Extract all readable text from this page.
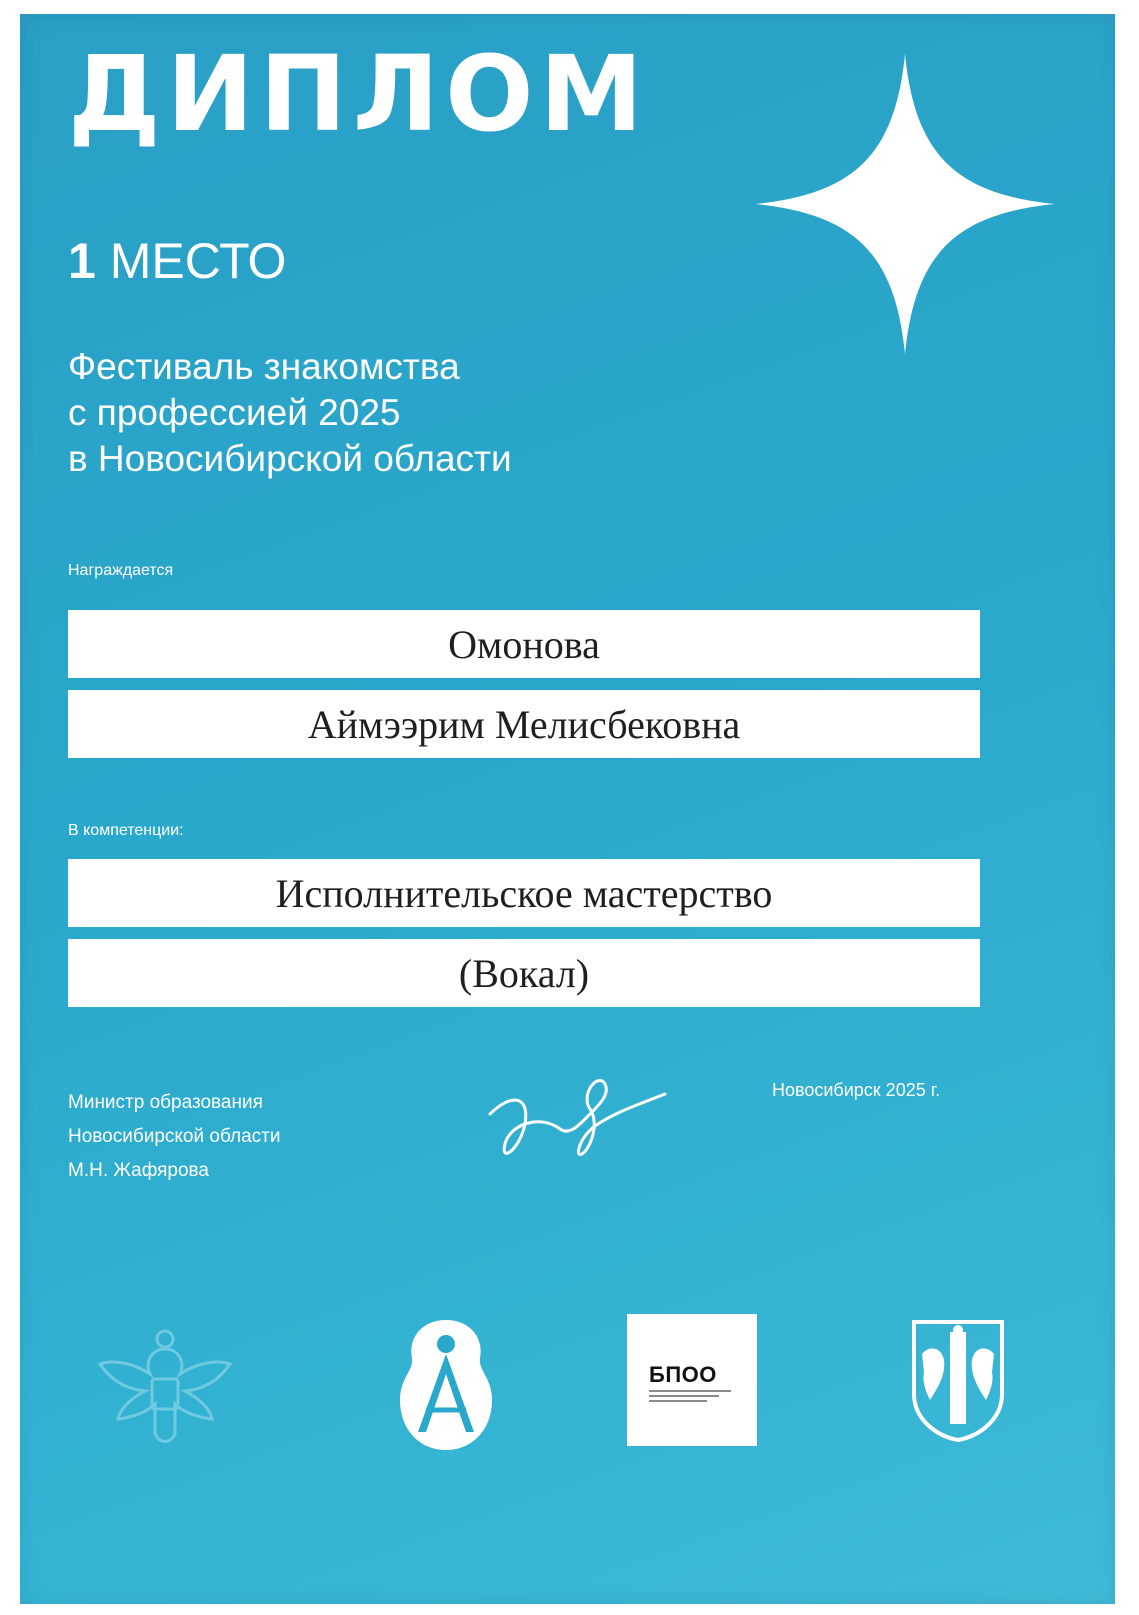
ДИПЛОМ

1 МЕСТО

Фестиваль знакомства
с профессией 2025
в Новосибирской области

Награждается

Омонова
Аймээрим Мелисбековна

В компетенции:

Исполнительское мастерство
(Вокал)

Министр образования
Новосибирской области
М.Н. Жафярова

Новосибирск 2025 г.

БПОО
